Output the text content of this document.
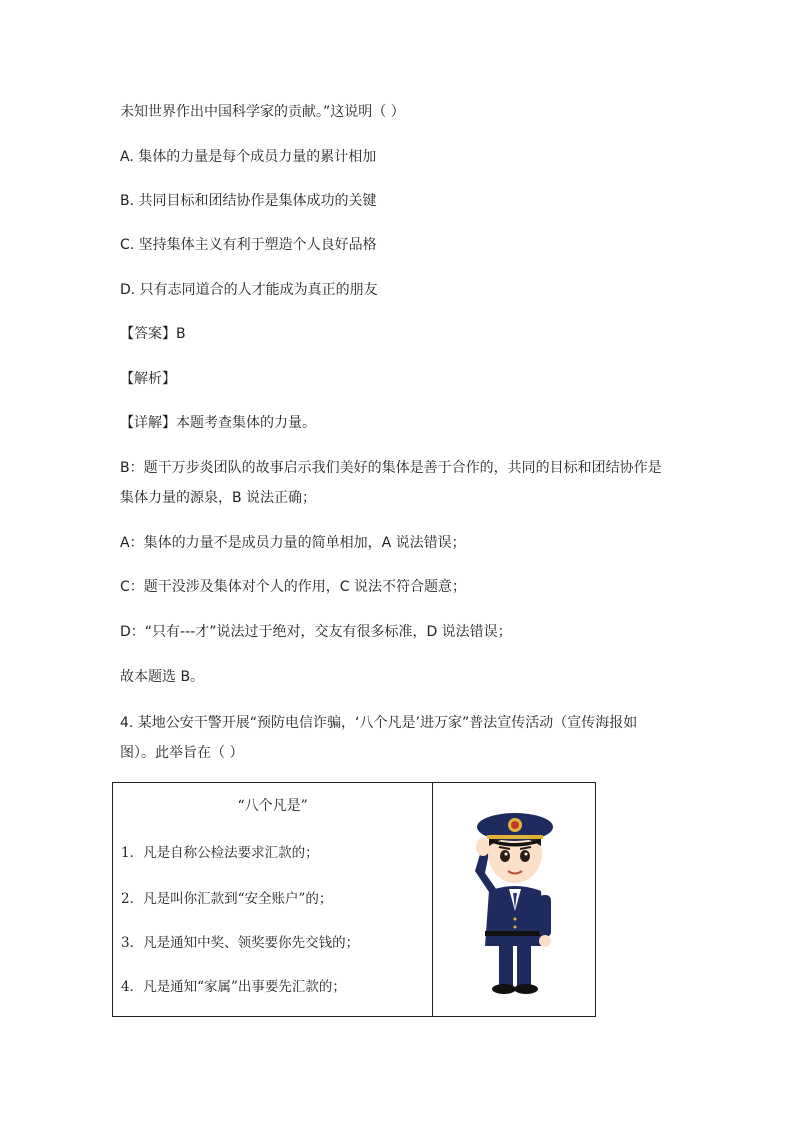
未知世界作出中国科学家的贡献。”这说明（ ）
A. 集体的力量是每个成员力量的累计相加
B. 共同目标和团结协作是集体成功的关键
C. 坚持集体主义有利于塑造个人良好品格
D. 只有志同道合的人才能成为真正的朋友
【答案】B
【解析】
【详解】本题考查集体的力量。
B：题干万步炎团队的故事启示我们美好的集体是善于合作的，共同的目标和团结协作是
集体力量的源泉，B 说法正确；
A：集体的力量不是成员力量的简单相加，A 说法错误；
C：题干没涉及集体对个人的作用，C 说法不符合题意；
D：“只有---才”说法过于绝对，交友有很多标准，D 说法错误；
故本题选 B。
4. 某地公安干警开展“预防电信诈骗，‘八个凡是’进万家”普法宣传活动（宣传海报如
图）。此举旨在（ ）
“八个凡是”
1．凡是自称公检法要求汇款的；
2．凡是叫你汇款到“安全账户”的；
3．凡是通知中奖、领奖要你先交钱的；
4．凡是通知“家属”出事要先汇款的；
